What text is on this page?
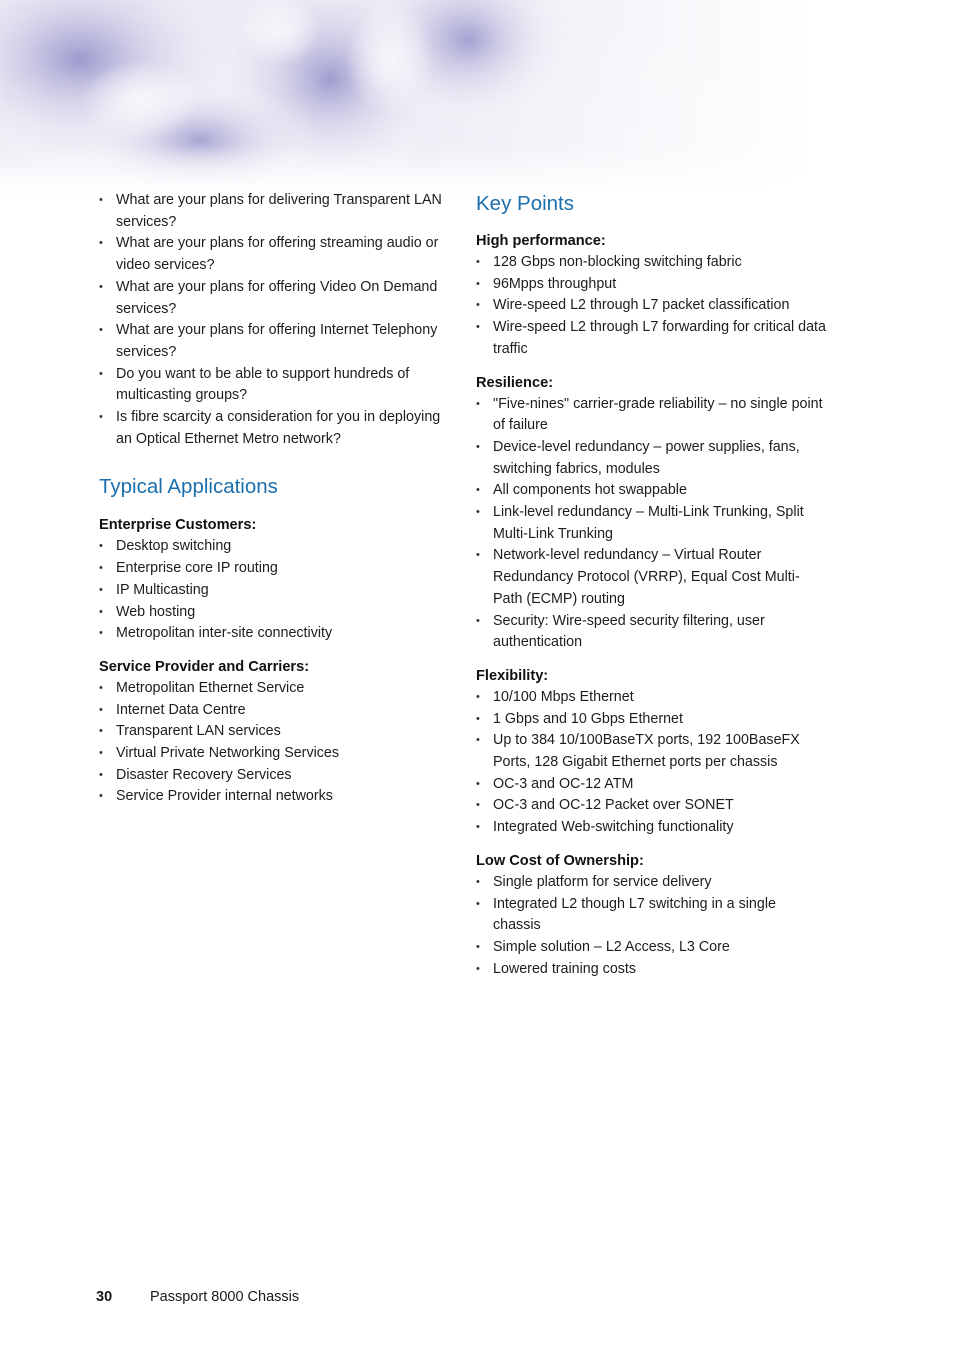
• What are your plans for delivering Transparent LAN services?
• What are your plans for offering streaming audio or video services?
• What are your plans for offering Video On Demand services?
• What are your plans for offering Internet Telephony services?
• Do you want to be able to support hundreds of multicasting groups?
• Is fibre scarcity a consideration for you in deploying an Optical Ethernet Metro network?
Typical Applications
Enterprise Customers:
• Desktop switching
• Enterprise core IP routing
• IP Multicasting
• Web hosting
• Metropolitan inter-site connectivity
Service Provider and Carriers:
• Metropolitan Ethernet Service
• Internet Data Centre
• Transparent LAN services
• Virtual Private Networking Services
• Disaster Recovery Services
• Service Provider internal networks
Key Points
High performance:
• 128 Gbps non-blocking switching fabric
• 96Mpps throughput
• Wire-speed L2 through L7 packet classification
• Wire-speed L2 through L7 forwarding for critical data traffic
Resilience:
• "Five-nines" carrier-grade reliability – no single point of failure
• Device-level redundancy – power supplies, fans, switching fabrics, modules
• All components hot swappable
• Link-level redundancy – Multi-Link Trunking, Split Multi-Link Trunking
• Network-level redundancy – Virtual Router Redundancy Protocol (VRRP), Equal Cost Multi-Path (ECMP) routing
• Security: Wire-speed security filtering, user authentication
Flexibility:
• 10/100 Mbps Ethernet
• 1 Gbps and 10 Gbps Ethernet
• Up to 384 10/100BaseTX ports, 192 100BaseFX Ports, 128 Gigabit Ethernet ports per chassis
• OC-3 and OC-12 ATM
• OC-3 and OC-12 Packet over SONET
• Integrated Web-switching functionality
Low Cost of Ownership:
• Single platform for service delivery
• Integrated L2 though L7 switching in a single chassis
• Simple solution – L2 Access, L3 Core
• Lowered training costs
30	Passport 8000 Chassis
